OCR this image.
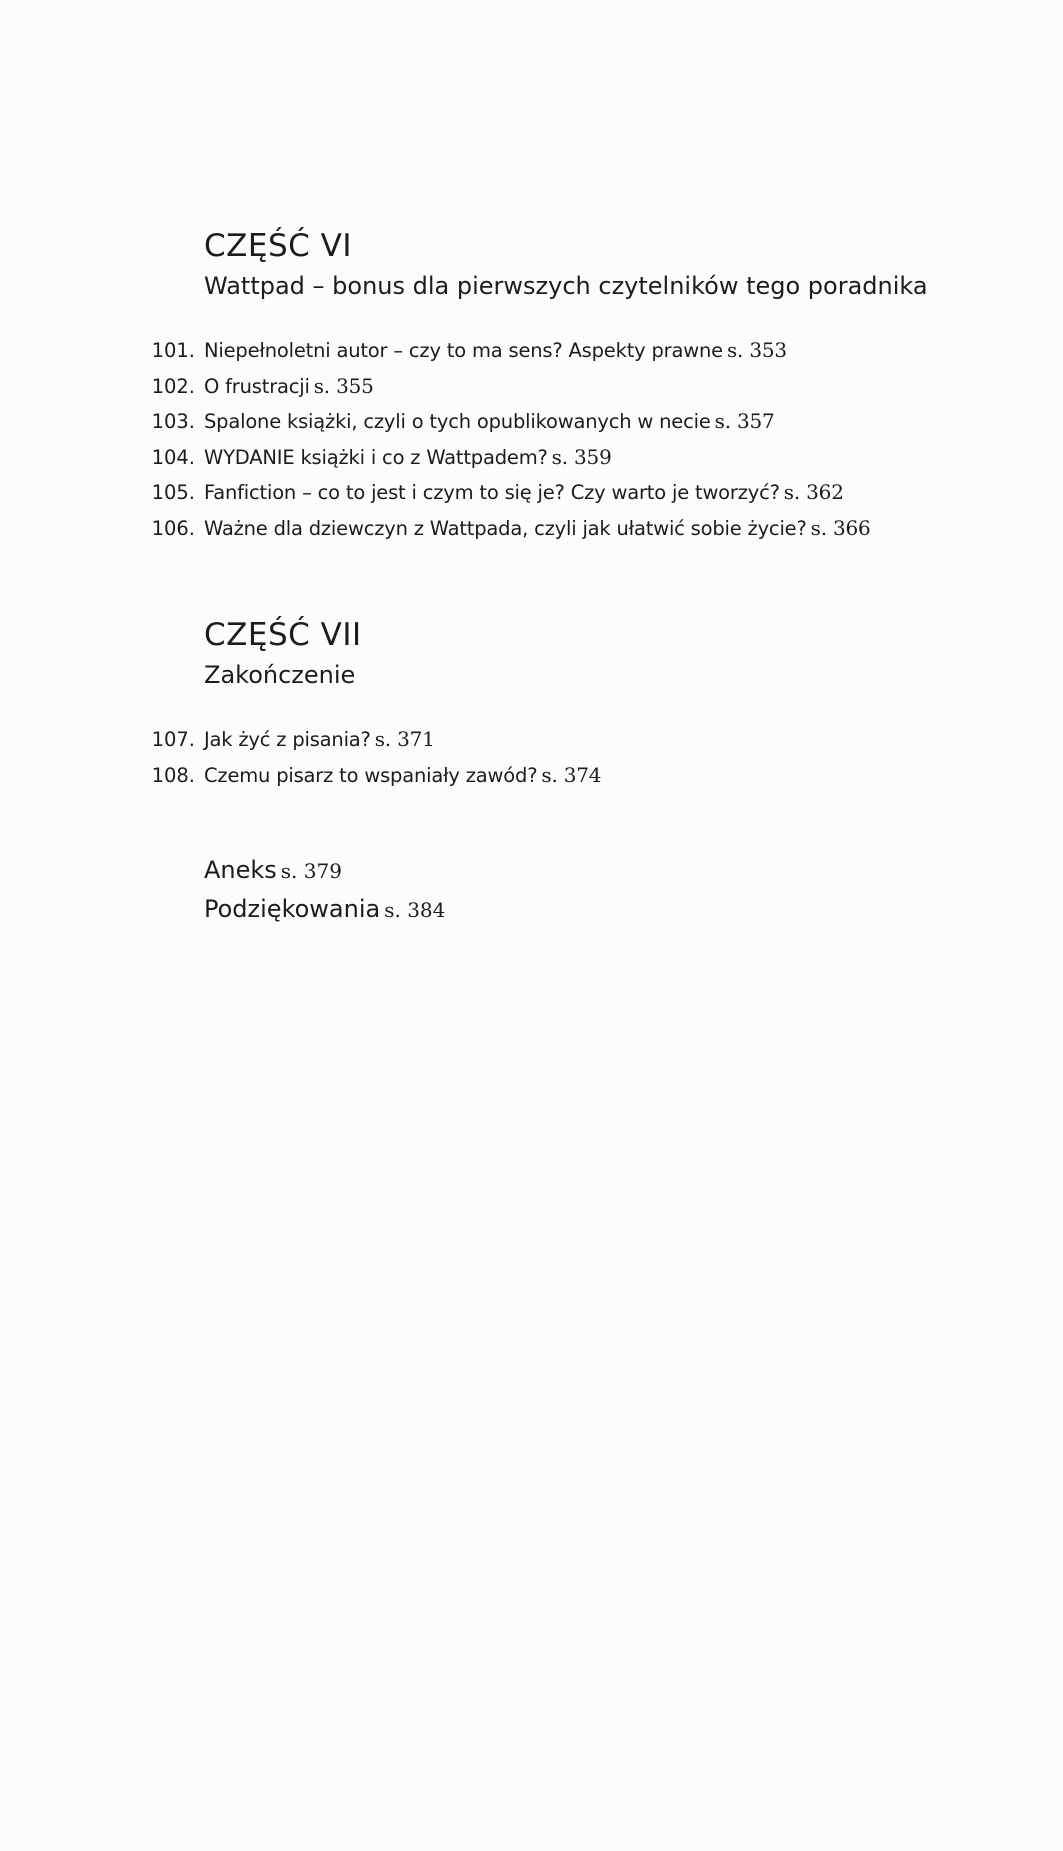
CZĘŚĆ VI
Wattpad – bonus dla pierwszych czytelników tego poradnika
101. Niepełnoletni autor – czy to ma sens? Aspekty prawne s. 353
102. O frustracji s. 355
103. Spalone książki, czyli o tych opublikowanych w necie s. 357
104. WYDANIE książki i co z Wattpadem? s. 359
105. Fanfiction – co to jest i czym to się je? Czy warto je tworzyć? s. 362
106. Ważne dla dziewczyn z Wattpada, czyli jak ułatwić sobie życie? s. 366
CZĘŚĆ VII
Zakończenie
107. Jak żyć z pisania? s. 371
108. Czemu pisarz to wspaniały zawód? s. 374
Aneks s. 379
Podziękowania s. 384
